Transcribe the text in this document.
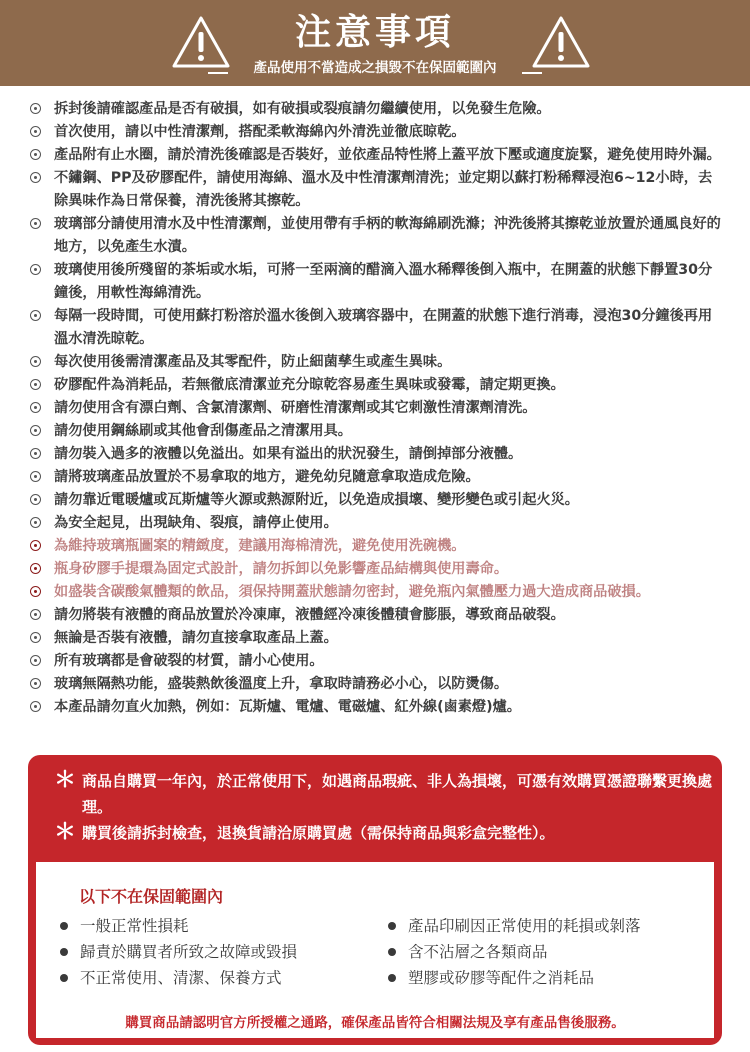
注意事項
產品使用不當造成之損毀不在保固範圍內
拆封後請確認產品是否有破損，如有破損或裂痕請勿繼續使用，以免發生危險。
首次使用，請以中性清潔劑，搭配柔軟海綿內外清洗並徹底晾乾。
產品附有止水圈，請於清洗後確認是否裝好，並依產品特性將上蓋平放下壓或適度旋緊，避免使用時外漏。
不鏽鋼、PP及矽膠配件，請使用海綿、溫水及中性清潔劑清洗；並定期以蘇打粉稀釋浸泡6~12小時，去除異味作為日常保養，清洗後將其擦乾。
玻璃部分請使用清水及中性清潔劑，並使用帶有手柄的軟海綿刷洗滌；沖洗後將其擦乾並放置於通風良好的地方，以免產生水漬。
玻璃使用後所殘留的茶垢或水垢，可將一至兩滴的醋滴入溫水稀釋後倒入瓶中，在開蓋的狀態下靜置30分鐘後，用軟性海綿清洗。
每隔一段時間，可使用蘇打粉溶於溫水後倒入玻璃容器中，在開蓋的狀態下進行消毒，浸泡30分鐘後再用溫水清洗晾乾。
每次使用後需清潔產品及其零配件，防止細菌孳生或產生異味。
矽膠配件為消耗品，若無徹底清潔並充分晾乾容易產生異味或發霉，請定期更換。
請勿使用含有漂白劑、含氯清潔劑、研磨性清潔劑或其它刺激性清潔劑清洗。
請勿使用鋼絲刷或其他會刮傷產品之清潔用具。
請勿裝入過多的液體以免溢出。如果有溢出的狀況發生，請倒掉部分液體。
請將玻璃產品放置於不易拿取的地方，避免幼兒隨意拿取造成危險。
請勿靠近電暖爐或瓦斯爐等火源或熱源附近，以免造成損壞、變形變色或引起火災。
為安全起見，出現缺角、裂痕，請停止使用。
為維持玻璃瓶圖案的精緻度，建議用海棉清洗，避免使用洗碗機。
瓶身矽膠手提環為固定式設計，請勿拆卸以免影響產品結構與使用壽命。
如盛裝含碳酸氣體類的飲品，須保持開蓋狀態請勿密封，避免瓶內氣體壓力過大造成商品破損。
請勿將裝有液體的商品放置於冷凍庫，液體經冷凍後體積會膨脹，導致商品破裂。
無論是否裝有液體，請勿直接拿取產品上蓋。
所有玻璃都是會破裂的材質，請小心使用。
玻璃無隔熱功能，盛裝熱飲後溫度上升，拿取時請務必小心，以防燙傷。
本產品請勿直火加熱，例如：瓦斯爐、電爐、電磁爐、紅外線(鹵素燈)爐。
＊ 商品自購買一年內，於正常使用下，如遇商品瑕疵、非人為損壞，可憑有效購買憑證聯繫更換處理。
＊ 購買後請拆封檢查，退換貨請洽原購買處（需保持商品與彩盒完整性）。
以下不在保固範圍內
一般正常性損耗
歸責於購買者所致之故障或毀損
不正常使用、清潔、保養方式
產品印刷因正常使用的耗損或剝落
含不沾層之各類商品
塑膠或矽膠等配件之消耗品
購買商品請認明官方所授權之通路，確保產品皆符合相關法規及享有產品售後服務。
